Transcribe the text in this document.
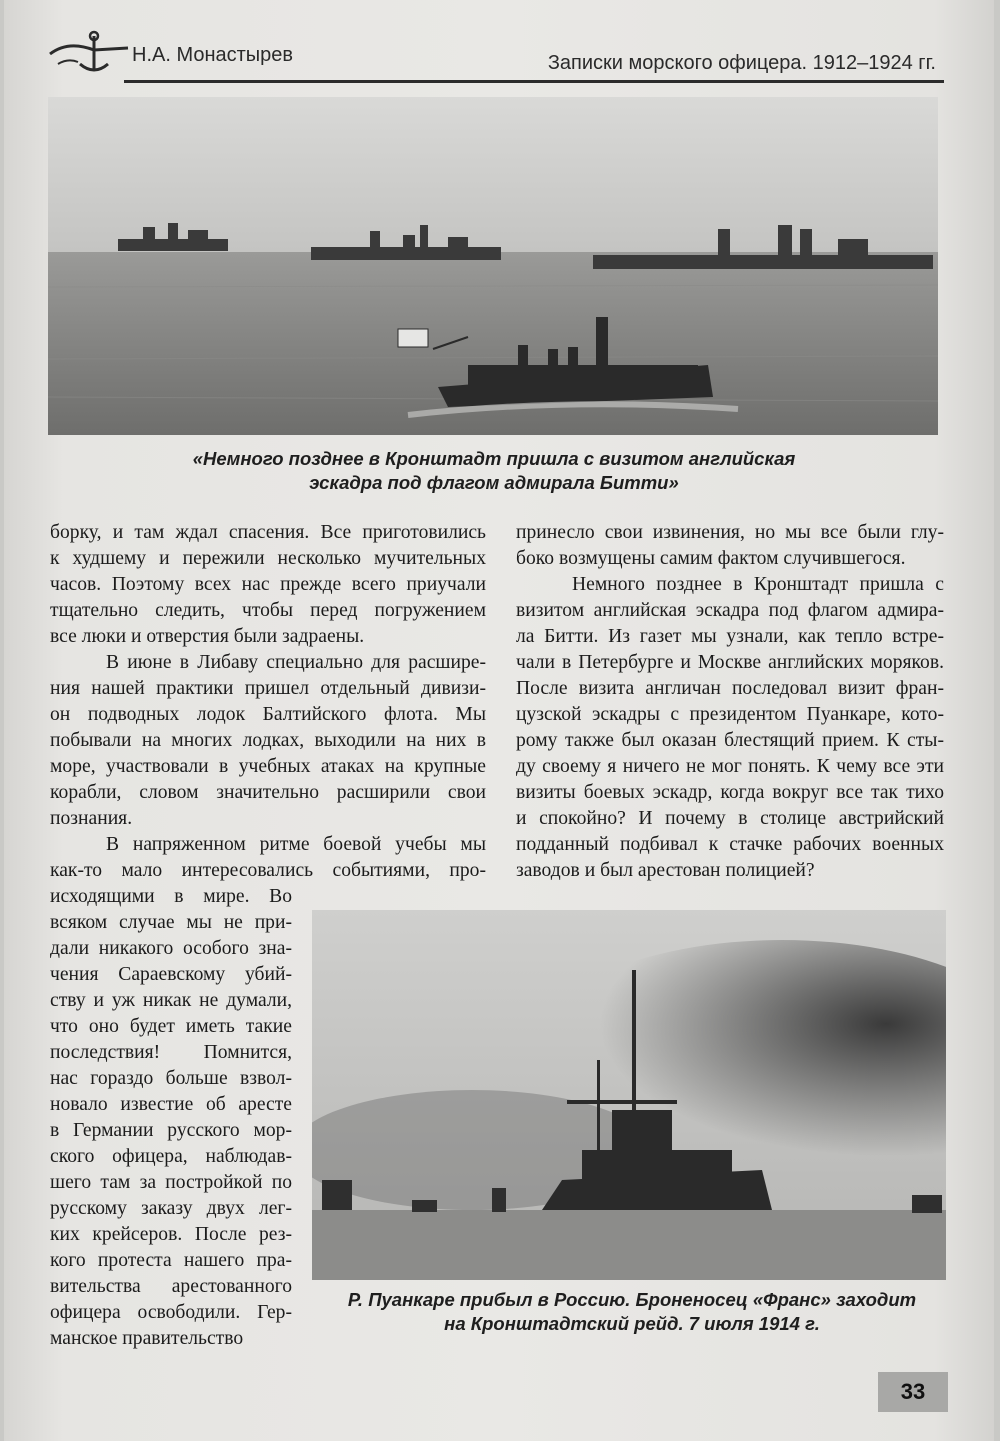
Н.А. Монастырев	Записки морского офицера. 1912–1924 гг.
«Немного позднее в Кронштадт пришла с визитом английская
эскадра под флагом адмирала Битти»
борку, и там ждал спасения. Все приготовились
к худшему и пережили несколько мучительных
часов. Поэтому всех нас прежде всего приучали
тщательно следить, чтобы перед погружением
все люки и отверстия были задраены.
В июне в Либаву специально для расшире-
ния нашей практики пришел отдельный дивизи-
он подводных лодок Балтийского флота. Мы
побывали на многих лодках, выходили на них в
море, участвовали в учебных атаках на крупные
корабли, словом значительно расширили свои
познания.
В напряженном ритме боевой учебы мы
как-то мало интересовались событиями, про-
исходящими в мире. Во
всяком случае мы не при-
дали никакого особого зна-
чения Сараевскому убий-
ству и уж никак не думали,
что оно будет иметь такие
последствия! Помнится,
нас гораздо больше взвол-
новало известие об аресте
в Германии русского мор-
ского офицера, наблюдав-
шего там за постройкой по
русскому заказу двух лег-
ких крейсеров. После рез-
кого протеста нашего пра-
вительства арестованного
офицера освободили. Гер-
манское правительство
принесло свои извинения, но мы все были глу-
боко возмущены самим фактом случившегося.
Немного позднее в Кронштадт пришла с
визитом английская эскадра под флагом адмира-
ла Битти. Из газет мы узнали, как тепло встре-
чали в Петербурге и Москве английских моряков.
После визита англичан последовал визит фран-
цузской эскадры с президентом Пуанкаре, кото-
рому также был оказан блестящий прием. К сты-
ду своему я ничего не мог понять. К чему все эти
визиты боевых эскадр, когда вокруг все так тихо
и спокойно? И почему в столице австрийский
подданный подбивал к стачке рабочих военных
заводов и был арестован полицией?
Р. Пуанкаре прибыл в Россию. Броненосец «Франс» заходит
на Кронштадтский рейд. 7 июля 1914 г.
33
